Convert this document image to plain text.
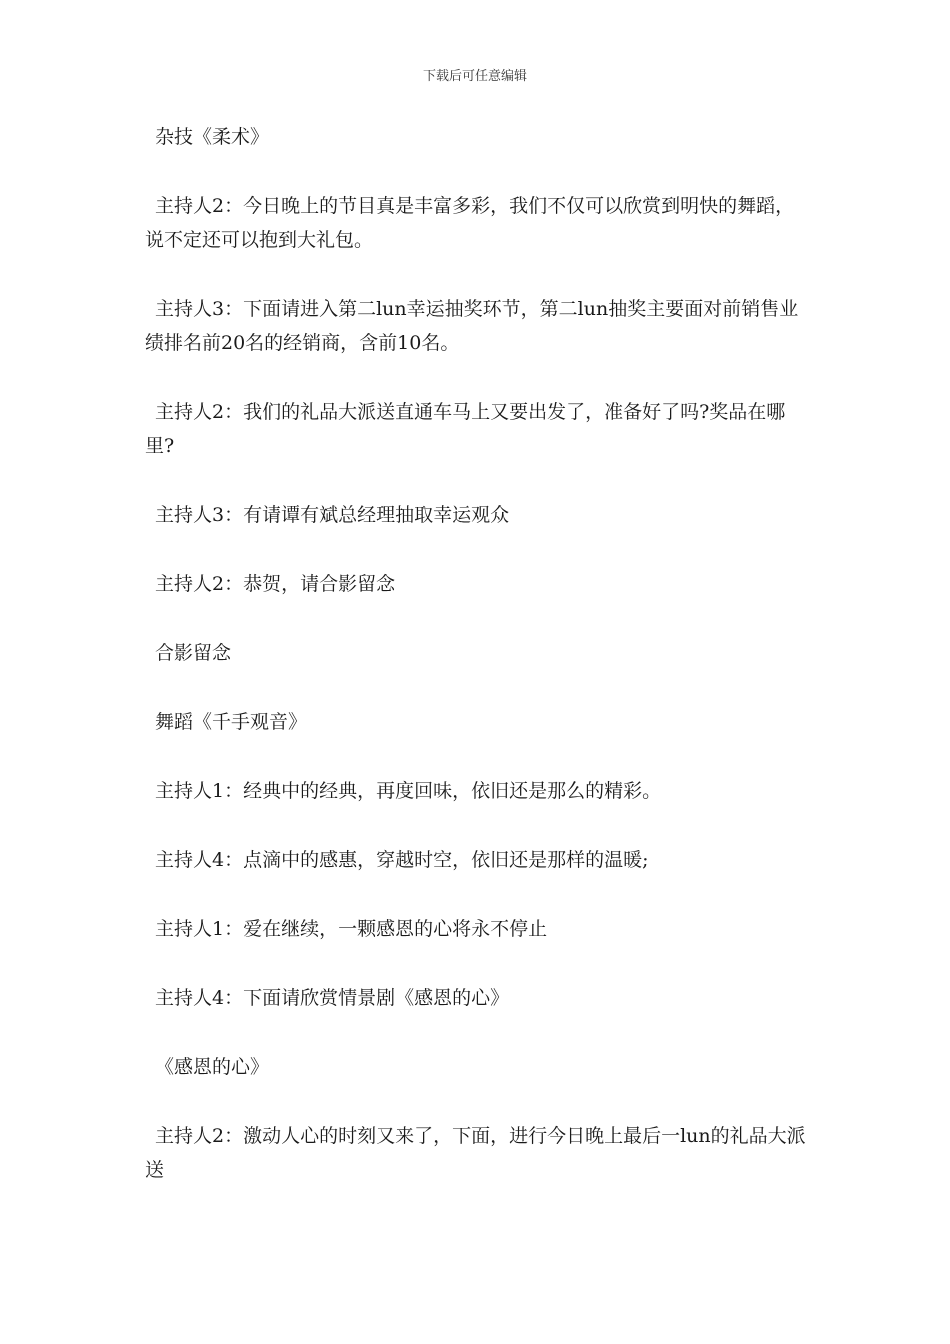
下载后可任意编辑

杂技《柔术》

主持人2：今日晚上的节目真是丰富多彩，我们不仅可以欣赏到明快的舞蹈，说不定还可以抱到大礼包。

主持人3：下面请进入第二lun幸运抽奖环节，第二lun抽奖主要面对前销售业绩排名前20名的经销商，含前10名。

主持人2：我们的礼品大派送直通车马上又要出发了，准备好了吗?奖品在哪里?

主持人3：有请谭有斌总经理抽取幸运观众

主持人2：恭贺，请合影留念

合影留念

舞蹈《千手观音》

主持人1：经典中的经典，再度回味，依旧还是那么的精彩。

主持人4：点滴中的感惠，穿越时空，依旧还是那样的温暖;

主持人1：爱在继续，一颗感恩的心将永不停止

主持人4：下面请欣赏情景剧《感恩的心》

《感恩的心》

主持人2：激动人心的时刻又来了，下面，进行今日晚上最后一lun的礼品大派送
